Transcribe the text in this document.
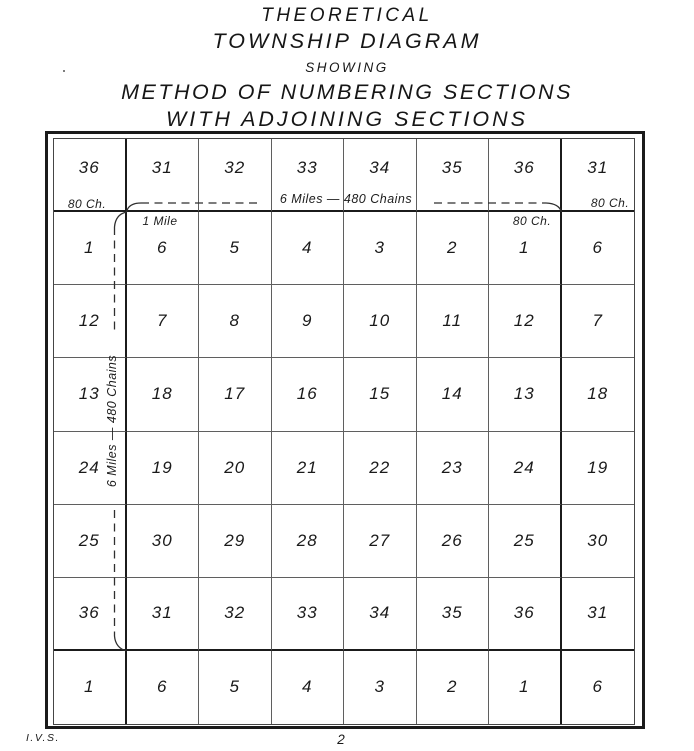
THEORETICAL
TOWNSHIP DIAGRAM
SHOWING
METHOD OF NUMBERING SECTIONS
WITH ADJOINING SECTIONS
36	31	32	33	34	35	36	31
1	6	5	4	3	2	1	6
12	7	8	9	10	11	12	7
13	18	17	16	15	14	13	18
24	19	20	21	22	23	24	19
25	30	29	28	27	26	25	30
36	31	32	33	34	35	36	31
1	6	5	4	3	2	1	6
80 Ch.	6 Miles — 480 Chains	80 Ch.
1 Mile	80 Ch.
6 Miles — 480 Chains
I.V.S.	2
